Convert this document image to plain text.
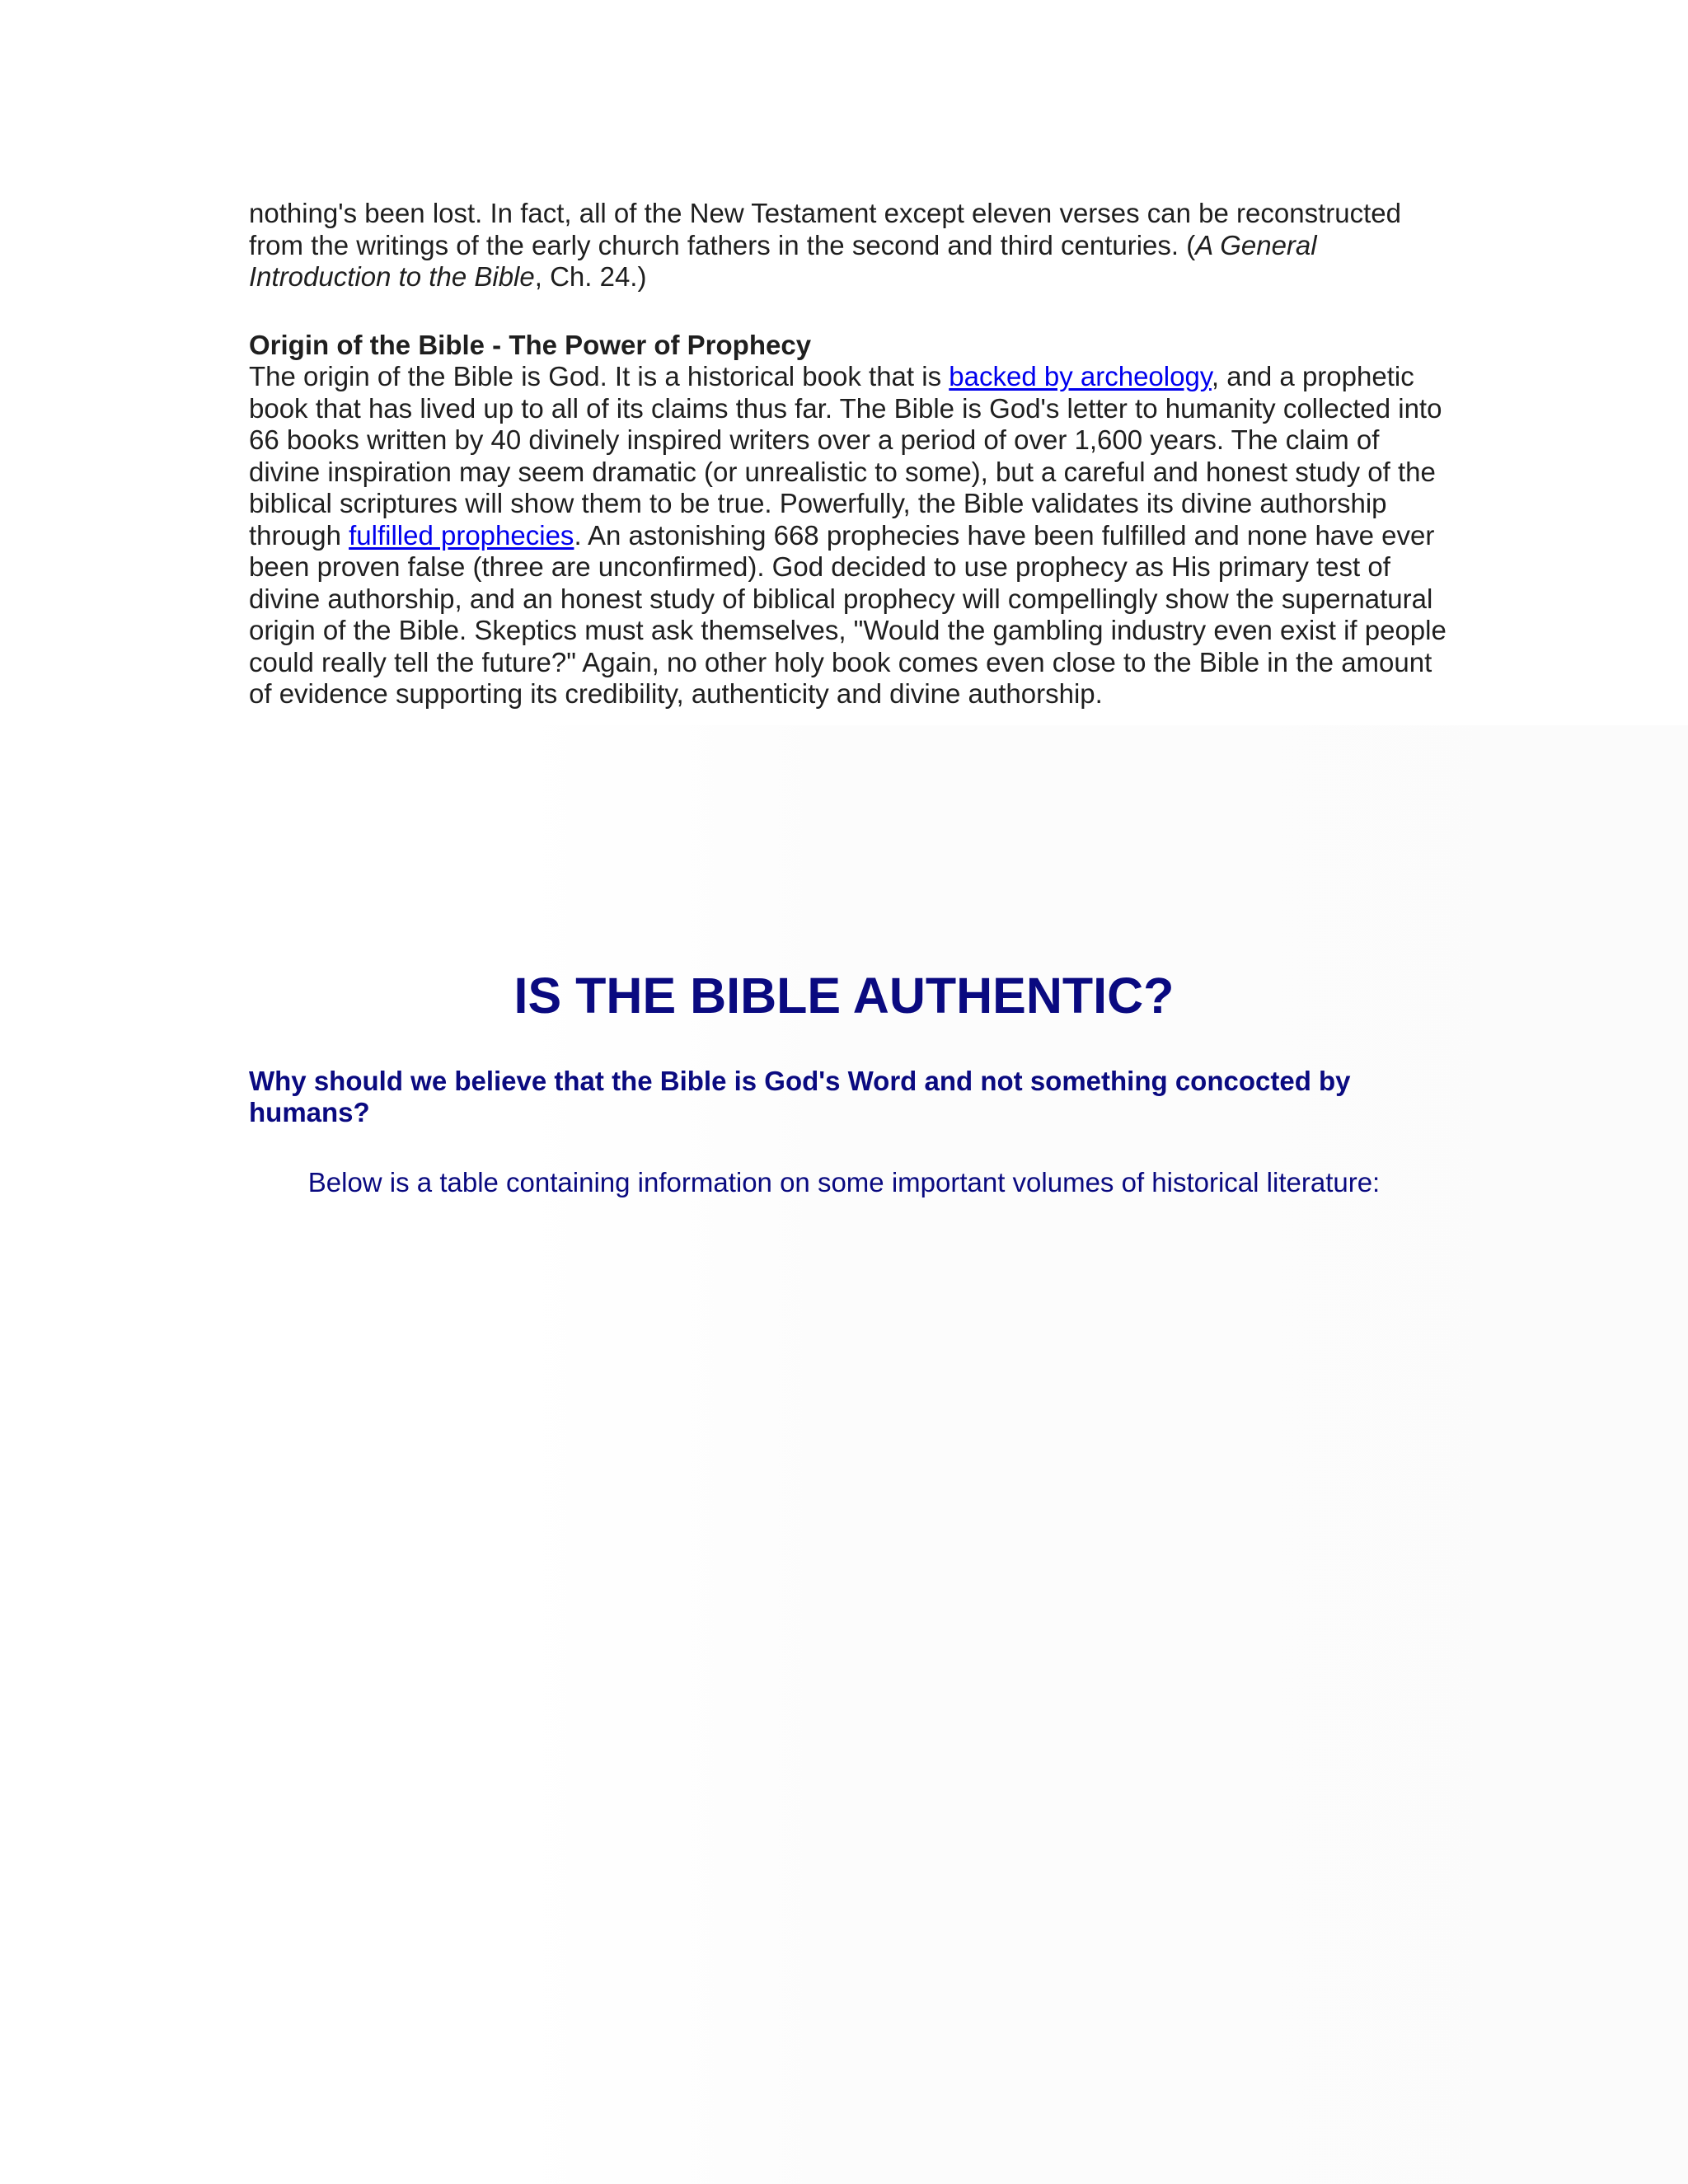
nothing's been lost. In fact, all of the New Testament except eleven verses can be reconstructed from the writings of the early church fathers in the second and third centuries. (A General Introduction to the Bible, Ch. 24.)

Origin of the Bible - The Power of Prophecy

The origin of the Bible is God. It is a historical book that is backed by archeology, and a prophetic book that has lived up to all of its claims thus far. The Bible is God's letter to humanity collected into 66 books written by 40 divinely inspired writers over a period of over 1,600 years. The claim of divine inspiration may seem dramatic (or unrealistic to some), but a careful and honest study of the biblical scriptures will show them to be true. Powerfully, the Bible validates its divine authorship through fulfilled prophecies. An astonishing 668 prophecies have been fulfilled and none have ever been proven false (three are unconfirmed). God decided to use prophecy as His primary test of divine authorship, and an honest study of biblical prophecy will compellingly show the supernatural origin of the Bible. Skeptics must ask themselves, "Would the gambling industry even exist if people could really tell the future?" Again, no other holy book comes even close to the Bible in the amount of evidence supporting its credibility, authenticity and divine authorship.

IS THE BIBLE AUTHENTIC?

Why should we believe that the Bible is God's Word and not something concocted by humans?

Below is a table containing information on some important volumes of historical literature:
